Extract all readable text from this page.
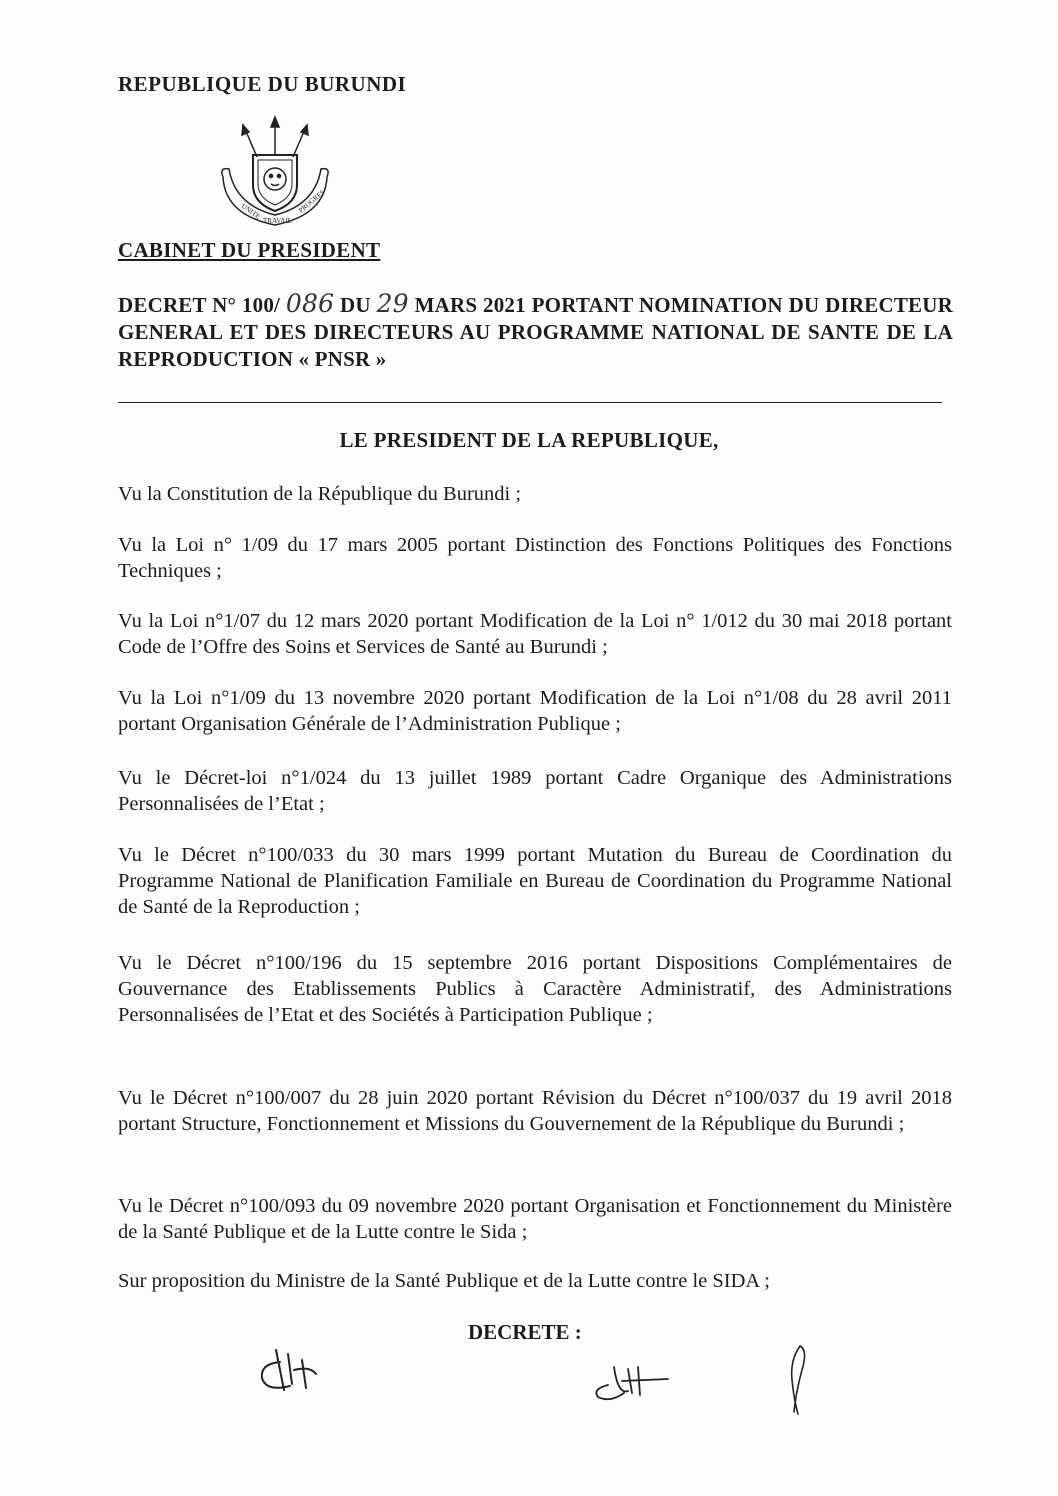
REPUBLIQUE DU BURUNDI
UNITE
TRAVAIL
PROGRES
CABINET DU PRESIDENT
DECRET N° 100/ 086 DU 29 MARS 2021 PORTANT NOMINATION DU DIRECTEUR GENERAL ET DES DIRECTEURS AU PROGRAMME NATIONAL DE SANTE DE LA REPRODUCTION « PNSR »
LE PRESIDENT DE LA REPUBLIQUE,
Vu la Constitution de la République du Burundi ;
Vu la Loi n° 1/09 du 17 mars 2005 portant Distinction des Fonctions Politiques des Fonctions Techniques ;
Vu la Loi n°1/07 du 12 mars 2020 portant Modification de la Loi n° 1/012 du 30 mai 2018 portant Code de l’Offre des Soins et Services de Santé au Burundi ;
Vu la Loi n°1/09 du 13 novembre 2020 portant Modification de la Loi n°1/08 du 28 avril 2011 portant Organisation Générale de l’Administration Publique ;
Vu le Décret-loi n°1/024 du 13 juillet 1989 portant Cadre Organique des Administrations Personnalisées de l’Etat ;
Vu le Décret n°100/033 du 30 mars 1999 portant Mutation du Bureau de Coordination du Programme National de Planification Familiale en Bureau de Coordination du Programme National de Santé de la Reproduction ;
Vu le Décret n°100/196 du 15 septembre 2016 portant Dispositions Complémentaires de Gouvernance des Etablissements Publics à Caractère Administratif, des Administrations Personnalisées de l’Etat et des Sociétés à Participation Publique ;
Vu le Décret n°100/007 du 28 juin 2020 portant Révision du Décret n°100/037 du 19 avril 2018 portant Structure, Fonctionnement et Missions du Gouvernement de la République du Burundi ;
Vu le Décret n°100/093 du 09 novembre 2020 portant Organisation et Fonctionnement du Ministère de la Santé Publique et de la Lutte contre le Sida ;
Sur proposition du Ministre de la Santé Publique et de la Lutte contre le SIDA ;
DECRETE :
